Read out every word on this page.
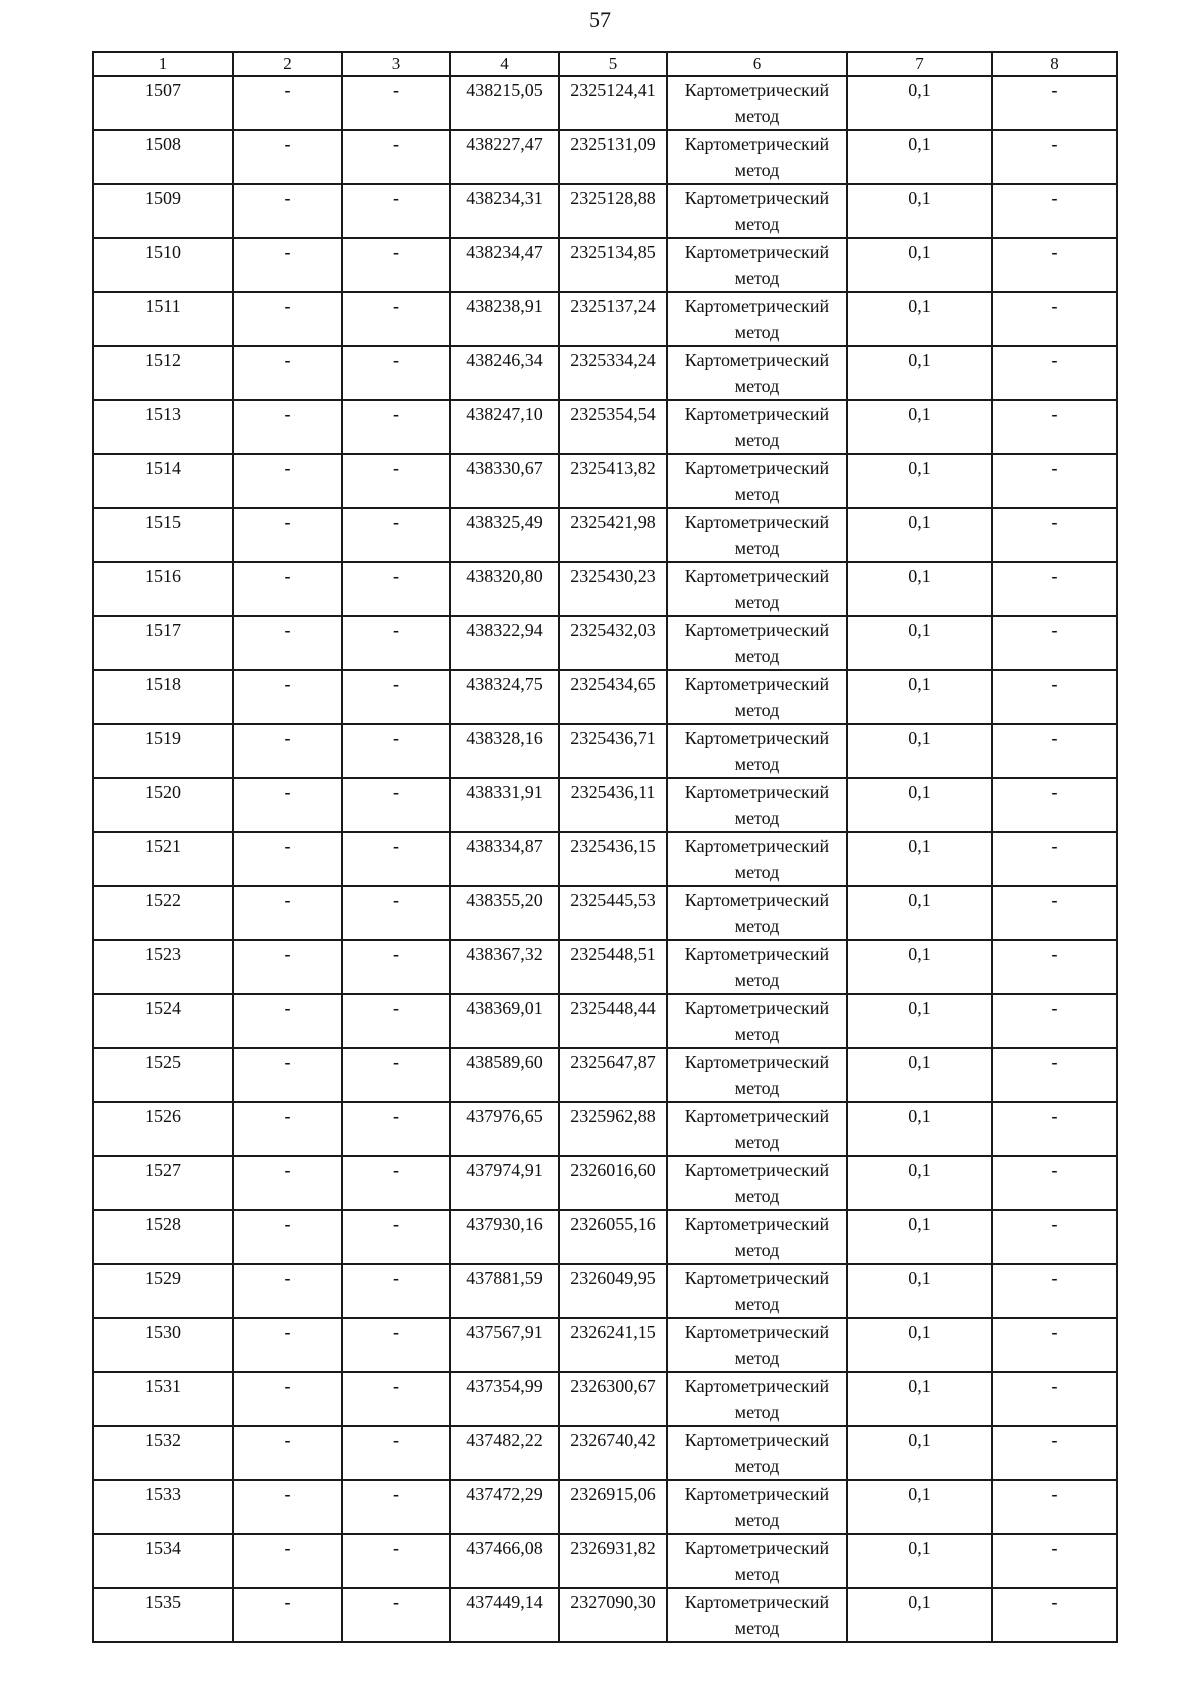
57
1	2	3	4	5	6	7	8
1507	-	-	438215,05	2325124,41	Картометрический метод	0,1	-
1508	-	-	438227,47	2325131,09	Картометрический метод	0,1	-
1509	-	-	438234,31	2325128,88	Картометрический метод	0,1	-
1510	-	-	438234,47	2325134,85	Картометрический метод	0,1	-
1511	-	-	438238,91	2325137,24	Картометрический метод	0,1	-
1512	-	-	438246,34	2325334,24	Картометрический метод	0,1	-
1513	-	-	438247,10	2325354,54	Картометрический метод	0,1	-
1514	-	-	438330,67	2325413,82	Картометрический метод	0,1	-
1515	-	-	438325,49	2325421,98	Картометрический метод	0,1	-
1516	-	-	438320,80	2325430,23	Картометрический метод	0,1	-
1517	-	-	438322,94	2325432,03	Картометрический метод	0,1	-
1518	-	-	438324,75	2325434,65	Картометрический метод	0,1	-
1519	-	-	438328,16	2325436,71	Картометрический метод	0,1	-
1520	-	-	438331,91	2325436,11	Картометрический метод	0,1	-
1521	-	-	438334,87	2325436,15	Картометрический метод	0,1	-
1522	-	-	438355,20	2325445,53	Картометрический метод	0,1	-
1523	-	-	438367,32	2325448,51	Картометрический метод	0,1	-
1524	-	-	438369,01	2325448,44	Картометрический метод	0,1	-
1525	-	-	438589,60	2325647,87	Картометрический метод	0,1	-
1526	-	-	437976,65	2325962,88	Картометрический метод	0,1	-
1527	-	-	437974,91	2326016,60	Картометрический метод	0,1	-
1528	-	-	437930,16	2326055,16	Картометрический метод	0,1	-
1529	-	-	437881,59	2326049,95	Картометрический метод	0,1	-
1530	-	-	437567,91	2326241,15	Картометрический метод	0,1	-
1531	-	-	437354,99	2326300,67	Картометрический метод	0,1	-
1532	-	-	437482,22	2326740,42	Картометрический метод	0,1	-
1533	-	-	437472,29	2326915,06	Картометрический метод	0,1	-
1534	-	-	437466,08	2326931,82	Картометрический метод	0,1	-
1535	-	-	437449,14	2327090,30	Картометрический метод	0,1	-
